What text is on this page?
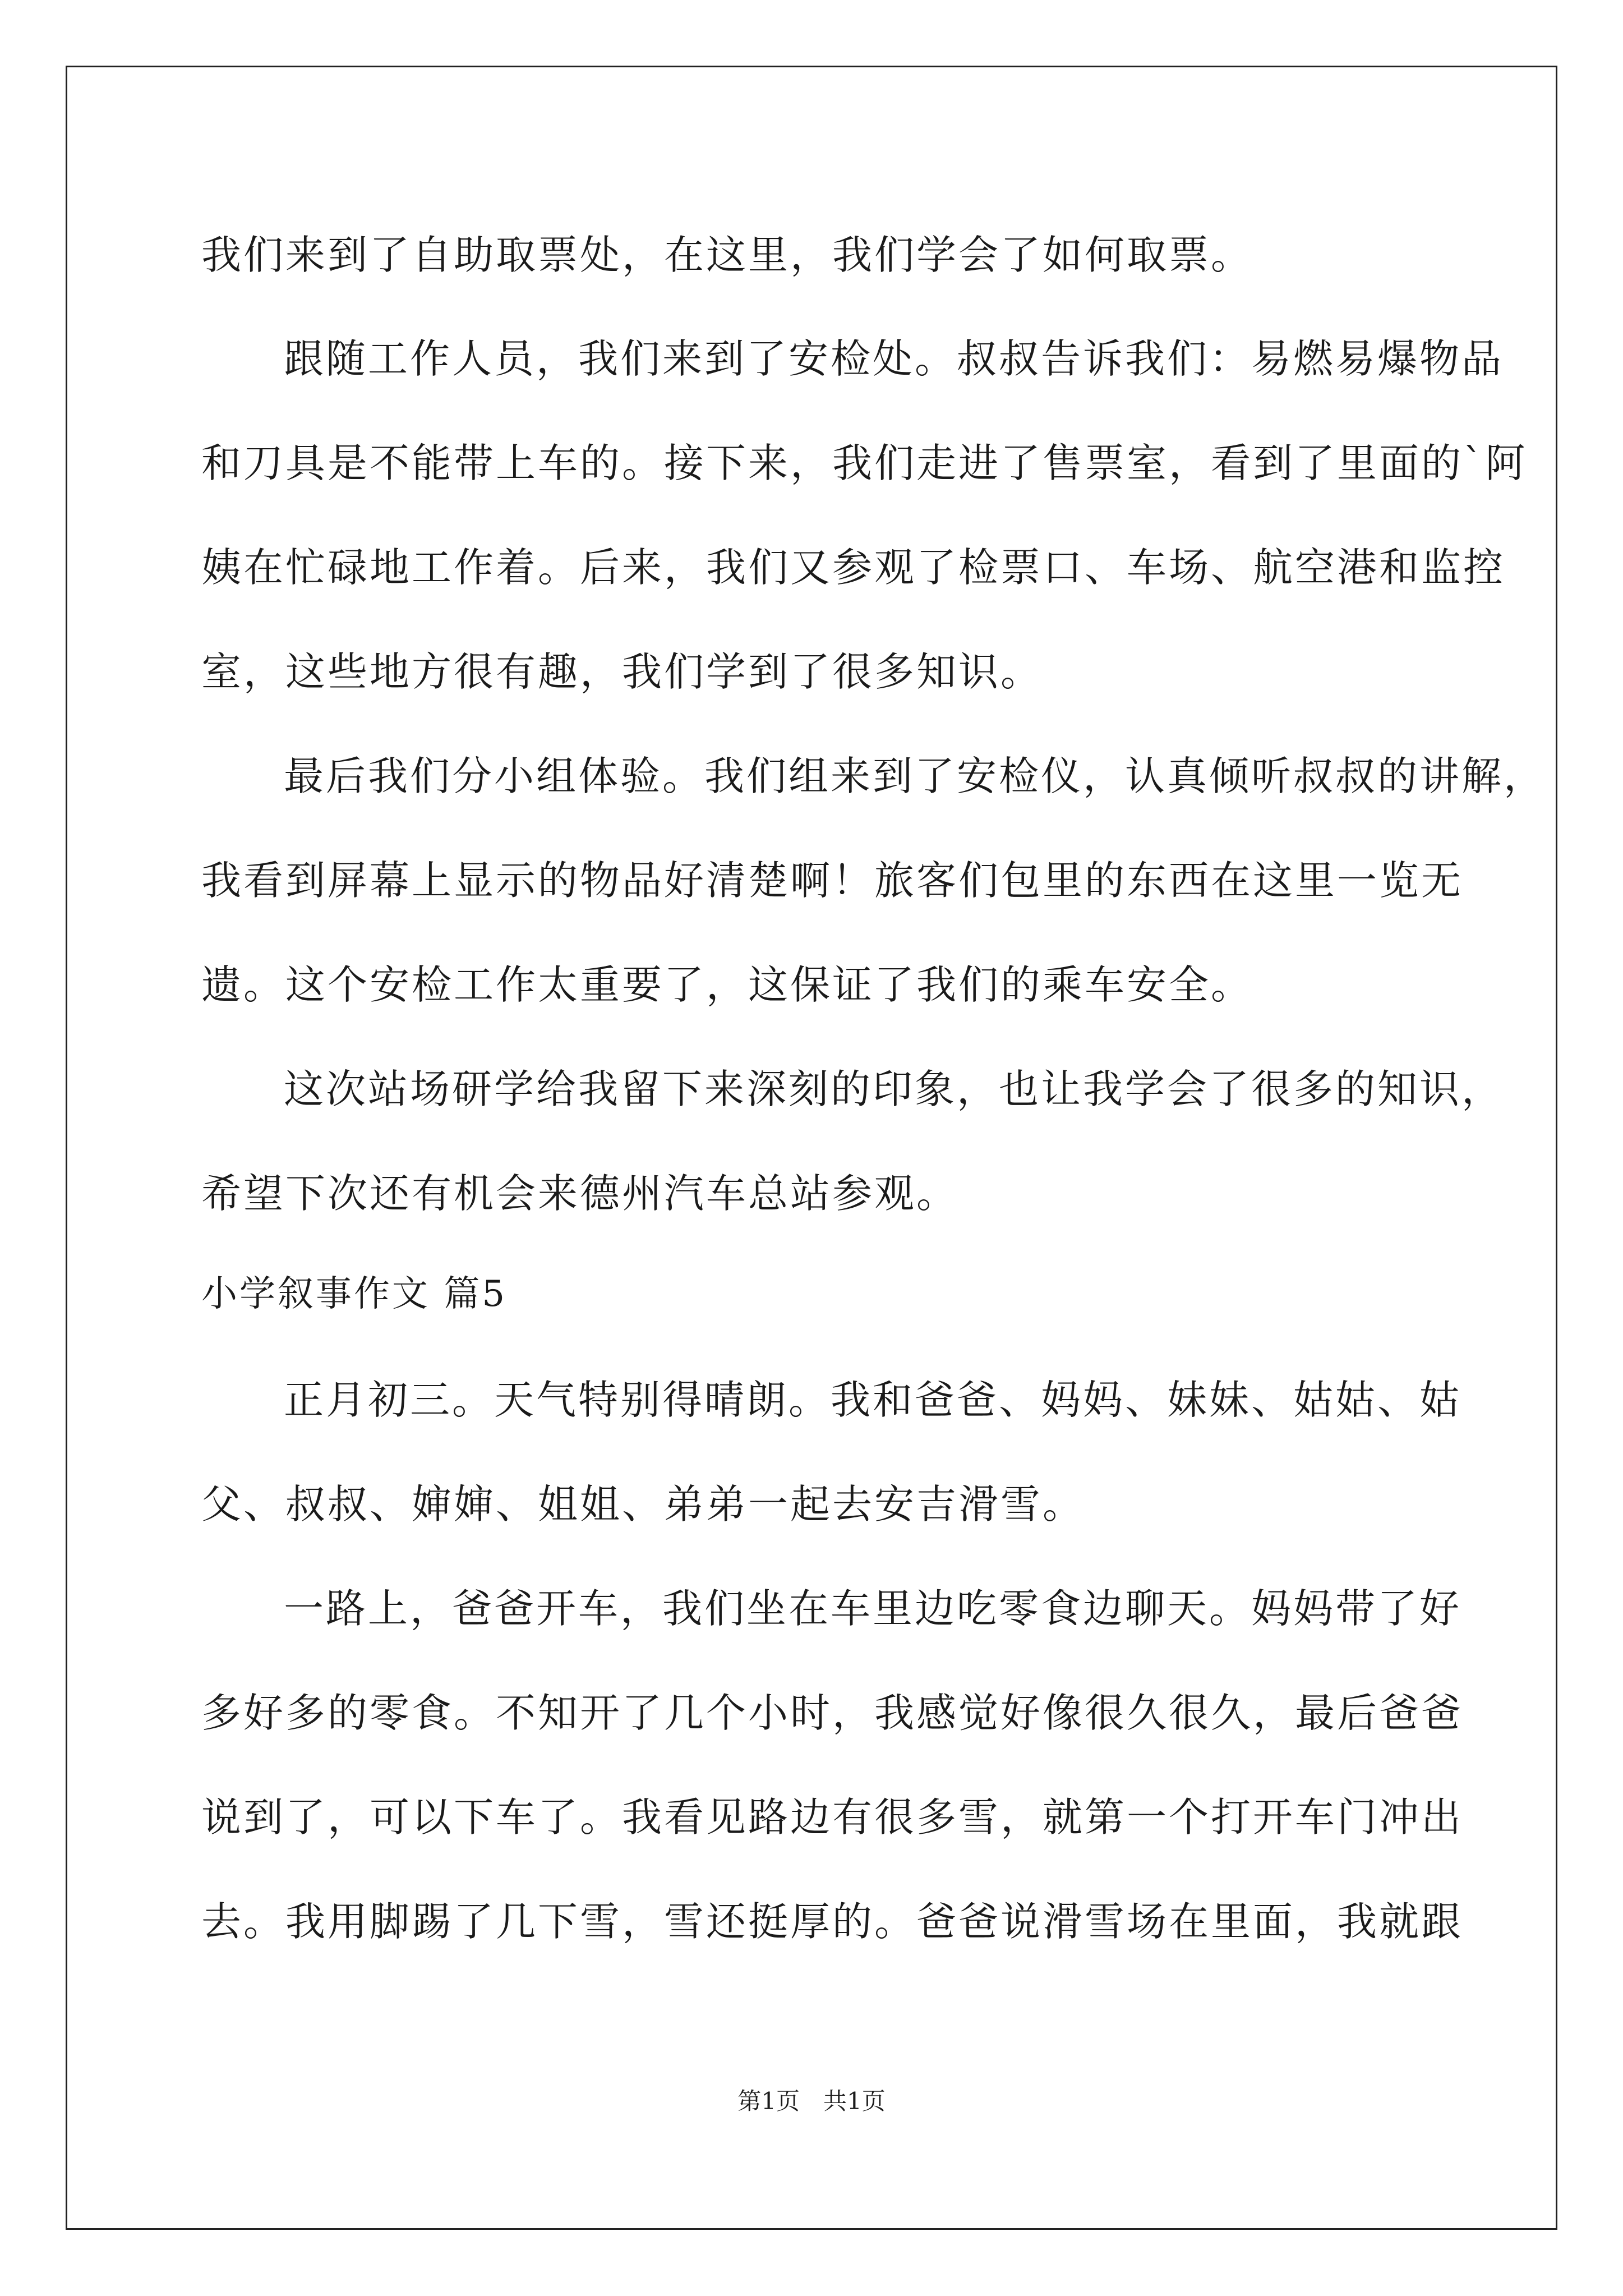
我们来到了自助取票处，在这里，我们学会了如何取票。
跟随工作人员，我们来到了安检处。叔叔告诉我们：易燃易爆物品
和刀具是不能带上车的。接下来，我们走进了售票室，看到了里面的`阿
姨在忙碌地工作着。后来，我们又参观了检票口、车场、航空港和监控
室，这些地方很有趣，我们学到了很多知识。
最后我们分小组体验。我们组来到了安检仪，认真倾听叔叔的讲解，
我看到屏幕上显示的物品好清楚啊！旅客们包里的东西在这里一览无
遗。这个安检工作太重要了，这保证了我们的乘车安全。
这次站场研学给我留下来深刻的印象，也让我学会了很多的知识，
希望下次还有机会来德州汽车总站参观。
小学叙事作文 篇5
正月初三。天气特别得晴朗。我和爸爸、妈妈、妹妹、姑姑、姑
父、叔叔、婶婶、姐姐、弟弟一起去安吉滑雪。
一路上，爸爸开车，我们坐在车里边吃零食边聊天。妈妈带了好
多好多的零食。不知开了几个小时，我感觉好像很久很久，最后爸爸
说到了，可以下车了。我看见路边有很多雪，就第一个打开车门冲出
去。我用脚踢了几下雪，雪还挺厚的。爸爸说滑雪场在里面，我就跟
第1页　共1页
